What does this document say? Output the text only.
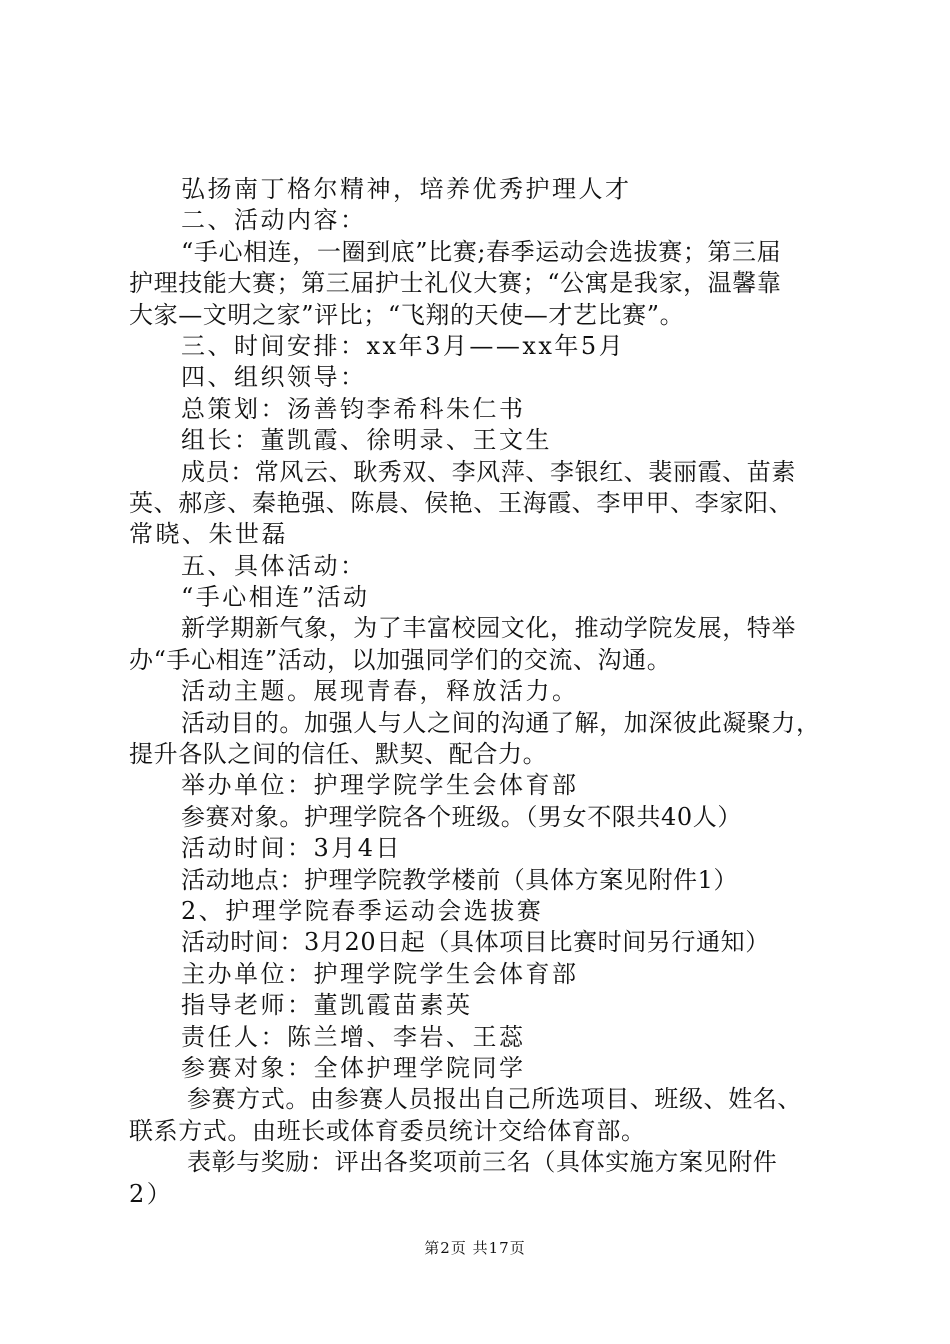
弘扬南丁格尔精神，培养优秀护理人才
二、活动内容：
“手心相连，一圈到底”比赛;春季运动会选拔赛；第三届
护理技能大赛；第三届护士礼仪大赛；“公寓是我家，温馨靠
大家—文明之家”评比；“飞翔的天使—才艺比赛”。
三、时间安排：xx年3月——xx年5月
四、组织领导：
总策划：汤善钧李希科朱仁书
组长：董凯霞、徐明录、王文生
成员：常风云、耿秀双、李风萍、李银红、裴丽霞、苗素
英、郝彦、秦艳强、陈晨、侯艳、王海霞、李甲甲、李家阳、
常晓、朱世磊
五、具体活动：
“手心相连”活动
新学期新气象，为了丰富校园文化，推动学院发展，特举
办“手心相连”活动，以加强同学们的交流、沟通。
活动主题。展现青春，释放活力。
活动目的。加强人与人之间的沟通了解，加深彼此凝聚力，
提升各队之间的信任、默契、配合力。
举办单位：护理学院学生会体育部
参赛对象。护理学院各个班级。（男女不限共40人）
活动时间：3月4日
活动地点：护理学院教学楼前（具体方案见附件1）
2、护理学院春季运动会选拔赛
活动时间：3月20日起（具体项目比赛时间另行通知）
主办单位：护理学院学生会体育部
指导老师：董凯霞苗素英
责任人：陈兰增、李岩、王蕊
参赛对象：全体护理学院同学
参赛方式。由参赛人员报出自己所选项目、班级、姓名、
联系方式。由班长或体育委员统计交给体育部。
表彰与奖励：评出各奖项前三名（具体实施方案见附件
2）
第2页 共17页
